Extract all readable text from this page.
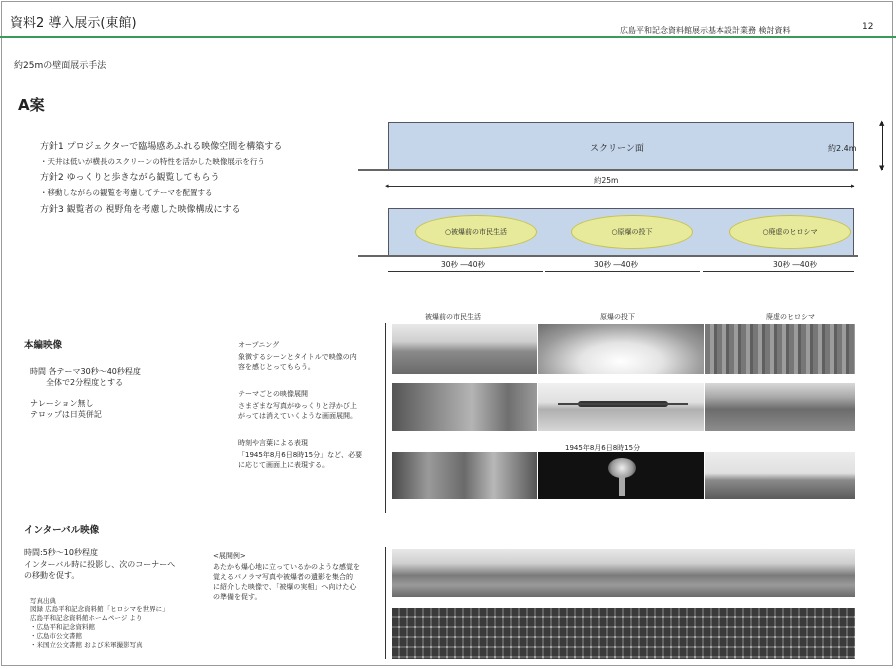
資料2 導入展示(東館)	広島平和記念資料館展示基本設計業務 検討資料	12
約25mの壁面展示手法
A案
方針1 プロジェクターで臨場感あふれる映像空間を構築する
・天井は低いが横長のスクリーンの特性を活かした映像展示を行う
方針2 ゆっくりと歩きながら観覧してもらう
・移動しながらの観覧を考慮してテーマを配置する
方針3 観覧者の 視野角を考慮した映像構成にする
スクリーン面	約2.4m
▲
▼
◂	▸
約25m
○被爆前の市民生活	○原爆の投下	○廃虚のヒロシマ
30秒 ―40秒	30秒 ―40秒	30秒 ―40秒
本編映像
時間 各テーマ30秒～40秒程度
全体で2分程度とする
ナレーション無し
テロップは日英併記
オープニング
象徴するシーンとタイトルで映像の内
容を感じとってもらう。
テーマごとの映像展開
さまざまな写真がゆっくりと浮かび上
がっては消えていくような画面展開。
時刻や言葉による表現
「1945年8月6日8時15分」など、必要
に応じて画面上に表現する。
被爆前の市民生活	原爆の投下	廃虚のヒロシマ
1945年8月6日8時15分
インターバル映像
時間:5秒～10秒程度
インターバル時に投影し、次のコーナーへ
の移動を促す。
<展開例>
あたかも爆心地に立っているかのような感覚を
覚えるパノラマ写真や被爆者の遺影を集合的
に紹介した映像で、「被爆の実相」へ向けた心
の準備を促す。
写真出典
図録 広島平和記念資料館「ヒロシマを世界に」
広島平和記念資料館ホームページ より
・広島平和記念資料館
・広島市公文書館
・米国立公文書館 および米軍撮影写真
